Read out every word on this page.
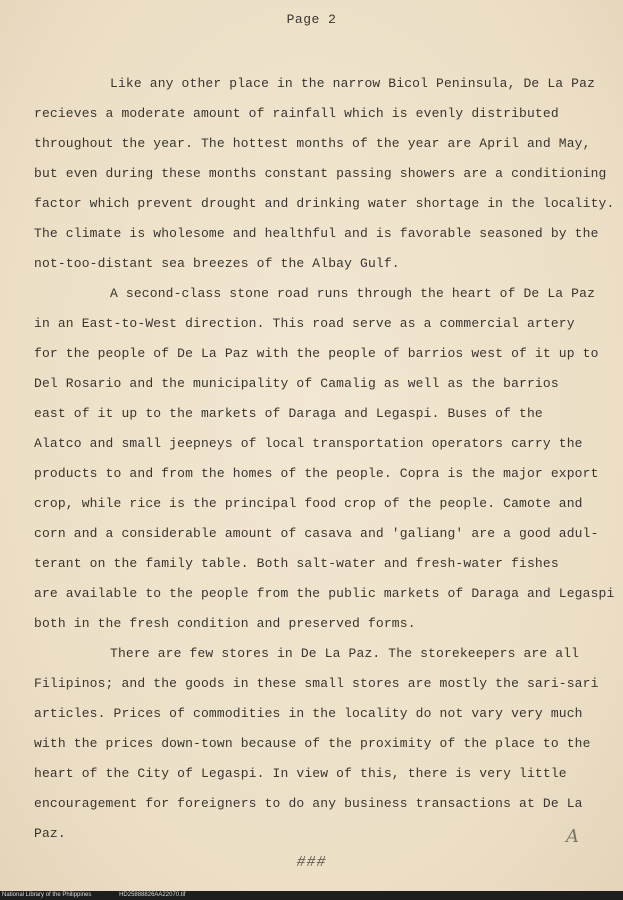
Page 2
Like any other place in the narrow Bicol Peninsula, De La Paz
recieves a moderate amount of rainfall which is evenly distributed
throughout the year. The hottest months of the year are April and May,
but even during these months constant passing showers are a conditioning
factor which prevent drought and drinking water shortage in the locality.
The climate is wholesome and healthful and is favorable seasoned by the
not-too-distant sea breezes of the Albay Gulf.
A second-class stone road runs through the heart of De La Paz
in an East-to-West direction. This road serve as a commercial artery
for the people of De La Paz with the people of barrios west of it up to
Del Rosario and the municipality of Camalig as well as the barrios
east of it up to the markets of Daraga and Legaspi. Buses of the
Alatco and small jeepneys of local transportation operators carry the
products to and from the homes of the people. Copra is the major export
crop, while rice is the principal food crop of the people. Camote and
corn and a considerable amount of casava and 'galiang' are a good adul-
terant on the family table. Both salt-water and fresh-water fishes
are available to the people from the public markets of Daraga and Legaspi
both in the fresh condition and preserved forms.
There are few stores in De La Paz. The storekeepers are all
Filipinos; and the goods in these small stores are mostly the sari-sari
articles. Prices of commodities in the locality do not vary very much
with the prices down-town because of the proximity of the place to the
heart of the City of Legaspi. In view of this, there is very little
encouragement for foreigners to do any business transactions at De La
Paz.	A
###
National Library of the Philippines	HD25888826AA22070.tif
